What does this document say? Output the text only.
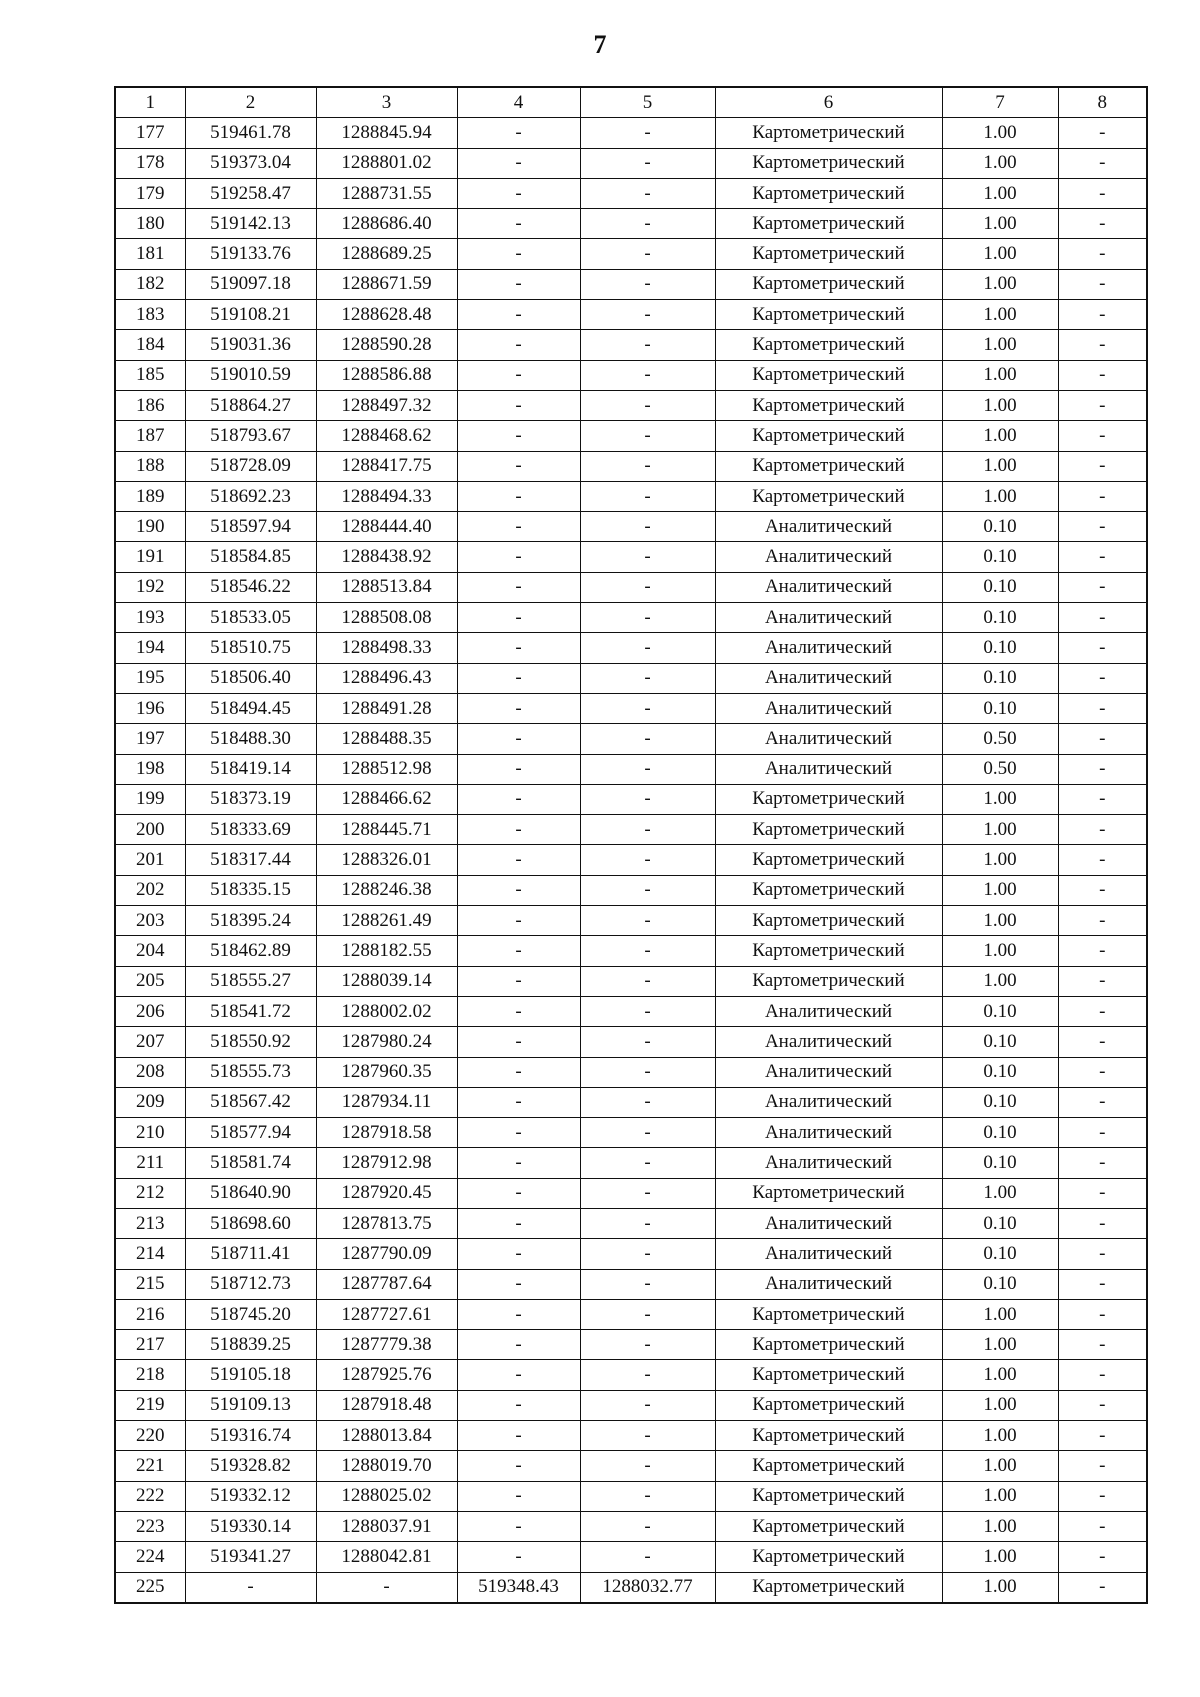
7
1	2	3	4	5	6	7	8
177	519461.78	1288845.94	-	-	Картометрический	1.00	-
178	519373.04	1288801.02	-	-	Картометрический	1.00	-
179	519258.47	1288731.55	-	-	Картометрический	1.00	-
180	519142.13	1288686.40	-	-	Картометрический	1.00	-
181	519133.76	1288689.25	-	-	Картометрический	1.00	-
182	519097.18	1288671.59	-	-	Картометрический	1.00	-
183	519108.21	1288628.48	-	-	Картометрический	1.00	-
184	519031.36	1288590.28	-	-	Картометрический	1.00	-
185	519010.59	1288586.88	-	-	Картометрический	1.00	-
186	518864.27	1288497.32	-	-	Картометрический	1.00	-
187	518793.67	1288468.62	-	-	Картометрический	1.00	-
188	518728.09	1288417.75	-	-	Картометрический	1.00	-
189	518692.23	1288494.33	-	-	Картометрический	1.00	-
190	518597.94	1288444.40	-	-	Аналитический	0.10	-
191	518584.85	1288438.92	-	-	Аналитический	0.10	-
192	518546.22	1288513.84	-	-	Аналитический	0.10	-
193	518533.05	1288508.08	-	-	Аналитический	0.10	-
194	518510.75	1288498.33	-	-	Аналитический	0.10	-
195	518506.40	1288496.43	-	-	Аналитический	0.10	-
196	518494.45	1288491.28	-	-	Аналитический	0.10	-
197	518488.30	1288488.35	-	-	Аналитический	0.50	-
198	518419.14	1288512.98	-	-	Аналитический	0.50	-
199	518373.19	1288466.62	-	-	Картометрический	1.00	-
200	518333.69	1288445.71	-	-	Картометрический	1.00	-
201	518317.44	1288326.01	-	-	Картометрический	1.00	-
202	518335.15	1288246.38	-	-	Картометрический	1.00	-
203	518395.24	1288261.49	-	-	Картометрический	1.00	-
204	518462.89	1288182.55	-	-	Картометрический	1.00	-
205	518555.27	1288039.14	-	-	Картометрический	1.00	-
206	518541.72	1288002.02	-	-	Аналитический	0.10	-
207	518550.92	1287980.24	-	-	Аналитический	0.10	-
208	518555.73	1287960.35	-	-	Аналитический	0.10	-
209	518567.42	1287934.11	-	-	Аналитический	0.10	-
210	518577.94	1287918.58	-	-	Аналитический	0.10	-
211	518581.74	1287912.98	-	-	Аналитический	0.10	-
212	518640.90	1287920.45	-	-	Картометрический	1.00	-
213	518698.60	1287813.75	-	-	Аналитический	0.10	-
214	518711.41	1287790.09	-	-	Аналитический	0.10	-
215	518712.73	1287787.64	-	-	Аналитический	0.10	-
216	518745.20	1287727.61	-	-	Картометрический	1.00	-
217	518839.25	1287779.38	-	-	Картометрический	1.00	-
218	519105.18	1287925.76	-	-	Картометрический	1.00	-
219	519109.13	1287918.48	-	-	Картометрический	1.00	-
220	519316.74	1288013.84	-	-	Картометрический	1.00	-
221	519328.82	1288019.70	-	-	Картометрический	1.00	-
222	519332.12	1288025.02	-	-	Картометрический	1.00	-
223	519330.14	1288037.91	-	-	Картометрический	1.00	-
224	519341.27	1288042.81	-	-	Картометрический	1.00	-
225	-	-	519348.43	1288032.77	Картометрический	1.00	-
